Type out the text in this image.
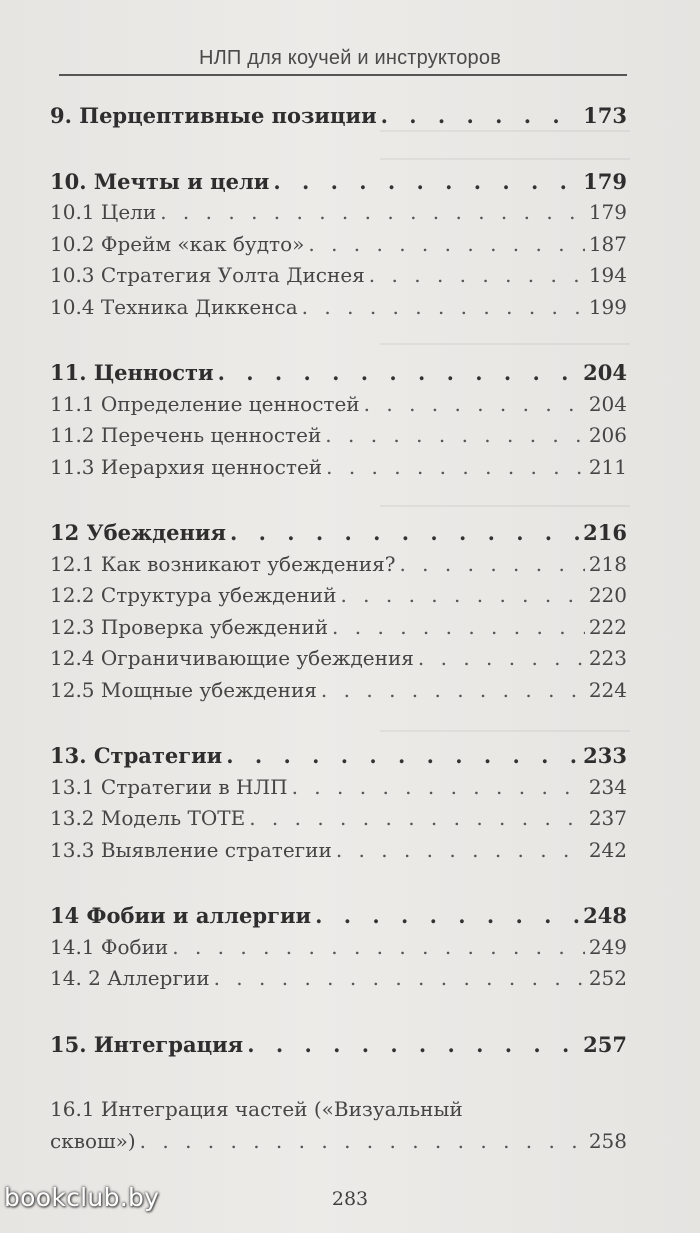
НЛП для коучей и инструкторов
9. Перцептивные позиции . . .	173
10. Мечты и цели . . .	179
10.1 Цели . . .	179
10.2 Фрейм «как будто» . . .	187
10.3 Стратегия Уолта Диснея . . .	194
10.4 Техника Диккенса . . .	199
11. Ценности . . .	204
11.1 Определение ценностей . . .	204
11.2 Перечень ценностей . . .	206
11.3 Иерархия ценностей . . .	211
12 Убеждения . . .	216
12.1 Как возникают убеждения? . . .	218
12.2 Структура убеждений . . .	220
12.3 Проверка убеждений . . .	222
12.4 Ограничивающие убеждения . . .	223
12.5 Мощные убеждения . . .	224
13. Стратегии . . .	233
13.1 Стратегии в НЛП . . .	234
13.2 Модель TOTE . . .	237
13.3 Выявление стратегии . . .	242
14 Фобии и аллергии . . .	248
14.1 Фобии . . .	249
14. 2 Аллергии . . .	252
15. Интеграция . . .	257
16.1 Интеграция частей («Визуальный
сквош») . . .	258
283
bookclub.by
